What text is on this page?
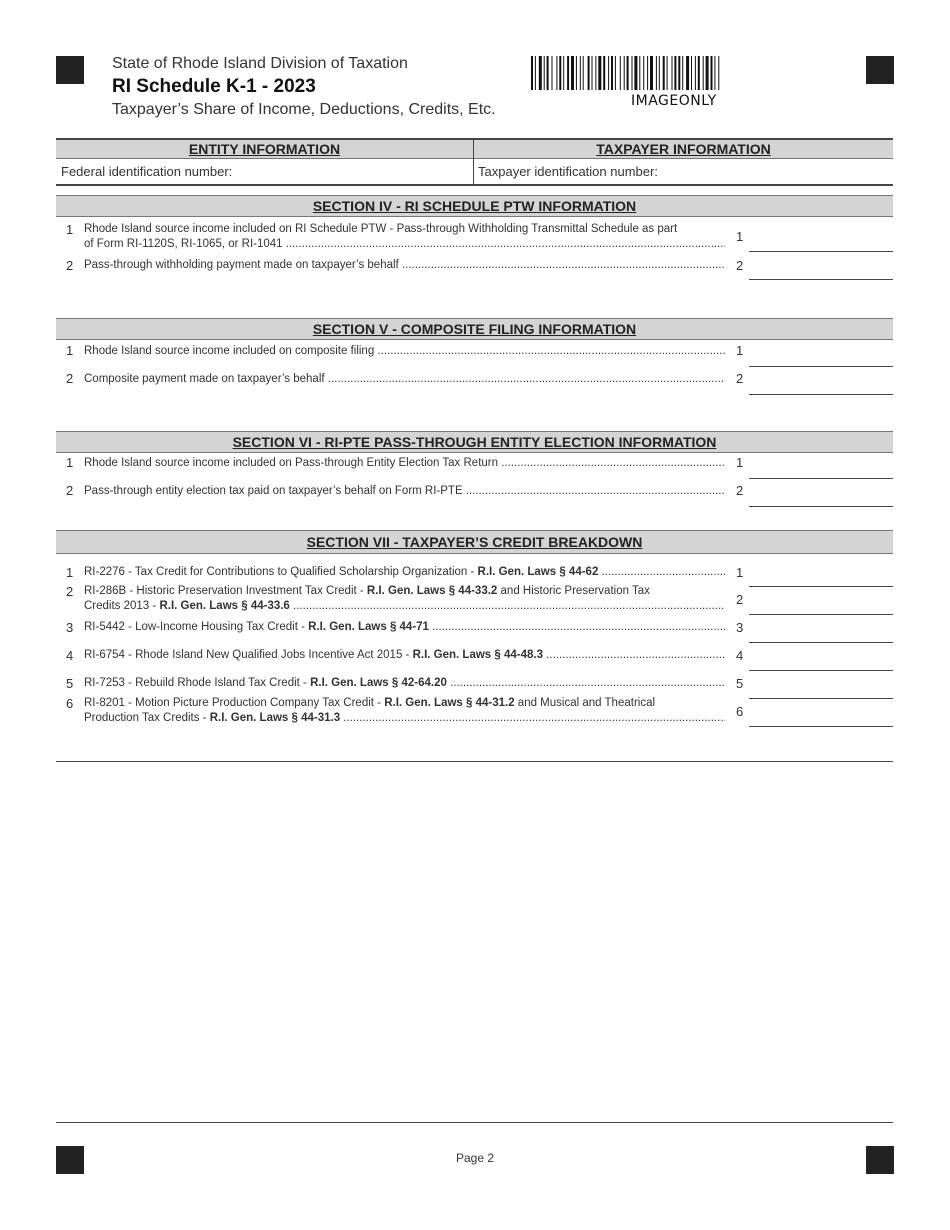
State of Rhode Island Division of Taxation
RI Schedule K-1 - 2023
Taxpayer’s Share of Income, Deductions, Credits, Etc.	IMAGEONLY
ENTITY INFORMATION
Federal identification number:
TAXPAYER INFORMATION
Taxpayer identification number:
SECTION IV - RI SCHEDULE PTW INFORMATION
1 Rhode Island source income included on RI Schedule PTW - Pass-through Withholding Transmittal Schedule as part
of Form RI-1120S, RI-1065, or RI-1041 .....	1
2 Pass-through withholding payment made on taxpayer’s behalf .....	2
SECTION V - COMPOSITE FILING INFORMATION
1 Rhode Island source income included on composite filing .....	1
2 Composite payment made on taxpayer’s behalf .....	2
SECTION VI - RI-PTE PASS-THROUGH ENTITY ELECTION INFORMATION
1 Rhode Island source income included on Pass-through Entity Election Tax Return .....	1
2 Pass-through entity election tax paid on taxpayer’s behalf on Form RI-PTE .....	2
SECTION VII - TAXPAYER’S CREDIT BREAKDOWN
1 RI-2276 - Tax Credit for Contributions to Qualified Scholarship Organization - R.I. Gen. Laws § 44-62 .....	1
2 RI-286B - Historic Preservation Investment Tax Credit - R.I. Gen. Laws § 44-33.2 and Historic Preservation Tax
Credits 2013 - R.I. Gen. Laws § 44-33.6 .....	2
3 RI-5442 - Low-Income Housing Tax Credit - R.I. Gen. Laws § 44-71 .....	3
4 RI-6754 - Rhode Island New Qualified Jobs Incentive Act 2015 - R.I. Gen. Laws § 44-48.3 .....	4
5 RI-7253 - Rebuild Rhode Island Tax Credit - R.I. Gen. Laws § 42-64.20 .....	5
6 RI-8201 - Motion Picture Production Company Tax Credit - R.I. Gen. Laws § 44-31.2 and Musical and Theatrical
Production Tax Credits - R.I. Gen. Laws § 44-31.3 .....	6
Page 2
